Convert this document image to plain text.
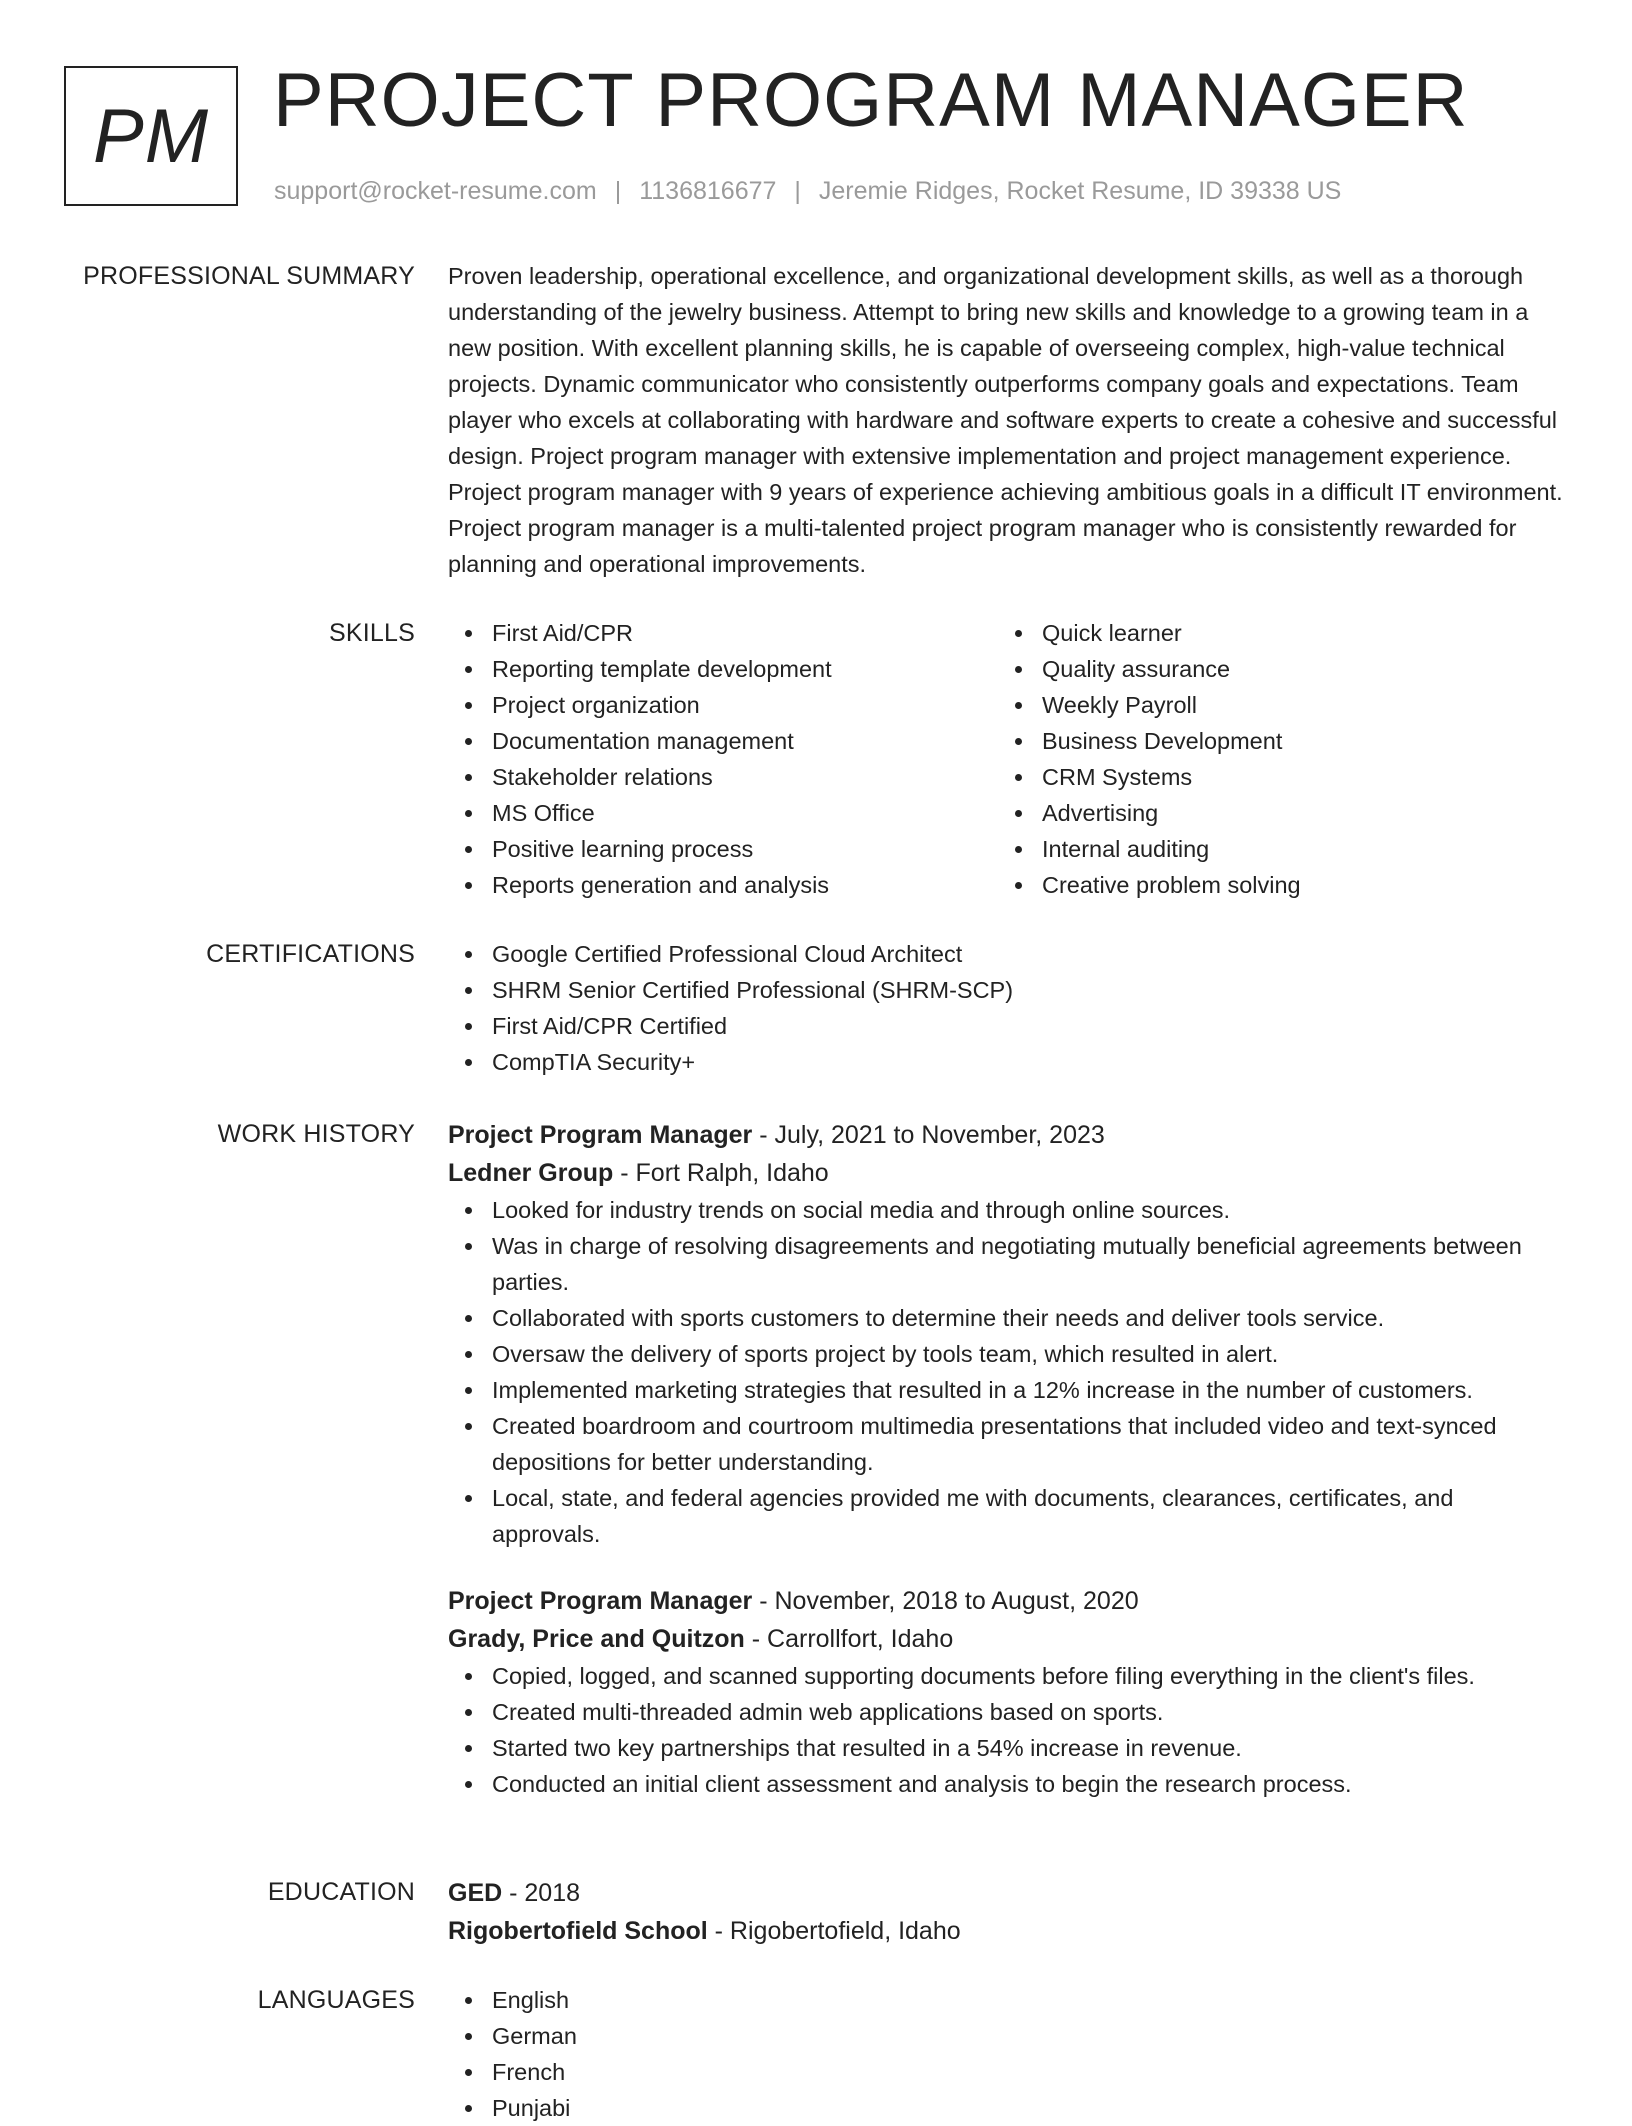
PM PROJECT PROGRAM MANAGER
support@rocket-resume.com | 1136816677 | Jeremie Ridges, Rocket Resume, ID 39338 US
PROFESSIONAL SUMMARY Proven leadership, operational excellence, and organizational development skills, as well as a thorough understanding of the jewelry business. Attempt to bring new skills and knowledge to a growing team in a new position. With excellent planning skills, he is capable of overseeing complex, high-value technical projects. Dynamic communicator who consistently outperforms company goals and expectations. Team player who excels at collaborating with hardware and software experts to create a cohesive and successful design. Project program manager with extensive implementation and project management experience. Project program manager with 9 years of experience achieving ambitious goals in a difficult IT environment. Project program manager is a multi-talented project program manager who is consistently rewarded for planning and operational improvements.

SKILLS	First Aid/CPR
Reporting template development
Project organization
Documentation management
Stakeholder relations
MS Office
Positive learning process
Reports generation and analysis
Quick learner
Quality assurance
Weekly Payroll
Business Development
CRM Systems
Advertising
Internal auditing
Creative problem solving
CERTIFICATIONS	Google Certified Professional Cloud Architect
SHRM Senior Certified Professional (SHRM-SCP)
First Aid/CPR Certified
CompTIA Security+
WORK HISTORY Project Program Manager - July, 2021 to November, 2023
Ledner Group - Fort Ralph, Idaho
Looked for industry trends on social media and through online sources.
Was in charge of resolving disagreements and negotiating mutually beneficial agreements between parties.
Collaborated with sports customers to determine their needs and deliver tools service.
Oversaw the delivery of sports project by tools team, which resulted in alert.
Implemented marketing strategies that resulted in a 12% increase in the number of customers.
Created boardroom and courtroom multimedia presentations that included video and text-synced depositions for better understanding.
Local, state, and federal agencies provided me with documents, clearances, certificates, and approvals.
Project Program Manager - November, 2018 to August, 2020
Grady, Price and Quitzon - Carrollfort, Idaho
Copied, logged, and scanned supporting documents before filing everything in the client's files.
Created multi-threaded admin web applications based on sports.
Started two key partnerships that resulted in a 54% increase in revenue.
Conducted an initial client assessment and analysis to begin the research process.
EDUCATION GED - 2018
Rigobertofield School - Rigobertofield, Idaho
LANGUAGES	English
German
French
Punjabi
